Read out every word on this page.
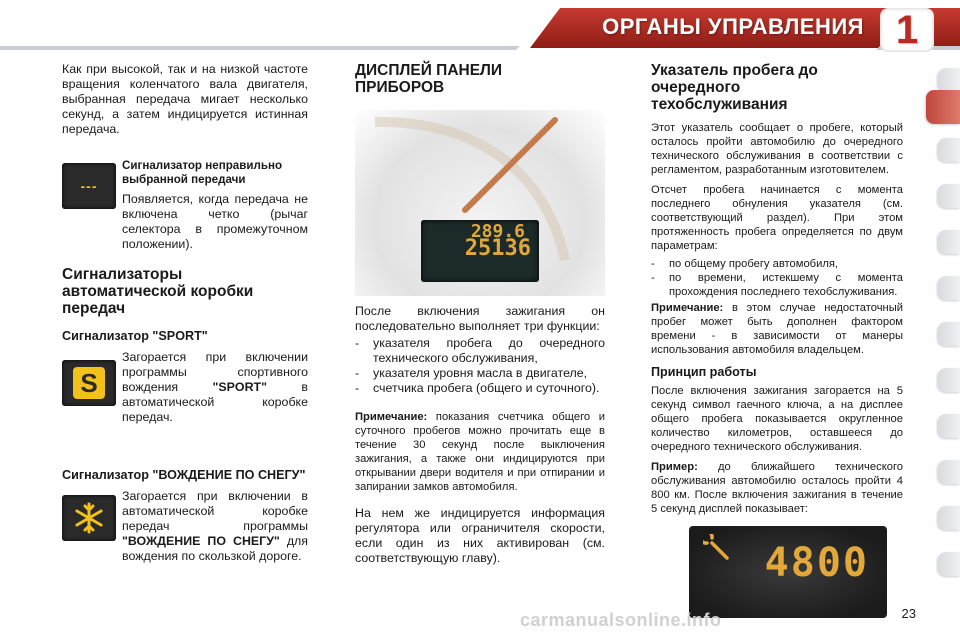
ОРГАНЫ УПРАВЛЕНИЯ 1

Как при высокой, так и на низкой частоте вращения коленчатого вала двигателя, выбранная передача мигает несколько секунд, а затем индицируется истинная передача.

---
Сигнализатор неправильно выбранной передачи

Появляется, когда передача не включена четко (рычаг селектора в промежуточном положении).

Сигнализаторы автоматической коробки передач
Сигнализатор "SPORT"
S

Загорается при включении программы спортивного вождения "SPORT" в автоматической коробке передач.

Сигнализатор "ВОЖДЕНИЕ ПО СНЕГУ"

Загорается при включении в автоматической коробке передач программы "ВОЖДЕНИЕ ПО СНЕГУ" для вождения по скользкой дороге.

ДИСПЛЕЙ ПАНЕЛИ ПРИБОРОВ
289.6
25136

После включения зажигания он последовательно выполняет три функции:

- указателя пробега до очередного технического обслуживания,
- указателя уровня масла в двигателе,
- счетчика пробега (общего и суточного).

Примечание: показания счетчика общего и суточного пробегов можно прочитать еще в течение 30 секунд после выключения зажигания, а также они индицируются при открывании двери водителя и при отпирании и запирании замков автомобиля.

На нем же индицируется информация регулятора или ограничителя скорости, если один из них активирован (см. соответствующую главу).

Указатель пробега до очередного техобслуживания

Этот указатель сообщает о пробеге, который осталось пройти автомобилю до очередного технического обслуживания в соответствии с регламентом, разработанным изготовителем.

Отсчет пробега начинается с момента последнего обнуления указателя (см. соответствующий раздел). При этом протяженность пробега определяется по двум параметрам:

- по общему пробегу автомобиля,
- по времени, истекшему с момента прохождения последнего техобслуживания.

Примечание: в этом случае недостаточный пробег может быть дополнен фактором времени - в зависимости от манеры использования автомобиля владельцем.

Принцип работы

После включения зажигания загорается на 5 секунд символ гаечного ключа, а на дисплее общего пробега показывается округленное количество километров, оставшееся до очередного технического обслуживания.

Пример: до ближайшего технического обслуживания автомобилю осталось пройти 4 800 км. После включения зажигания в течение 5 секунд дисплей показывает:

4800
23
carmanualsonline.info
